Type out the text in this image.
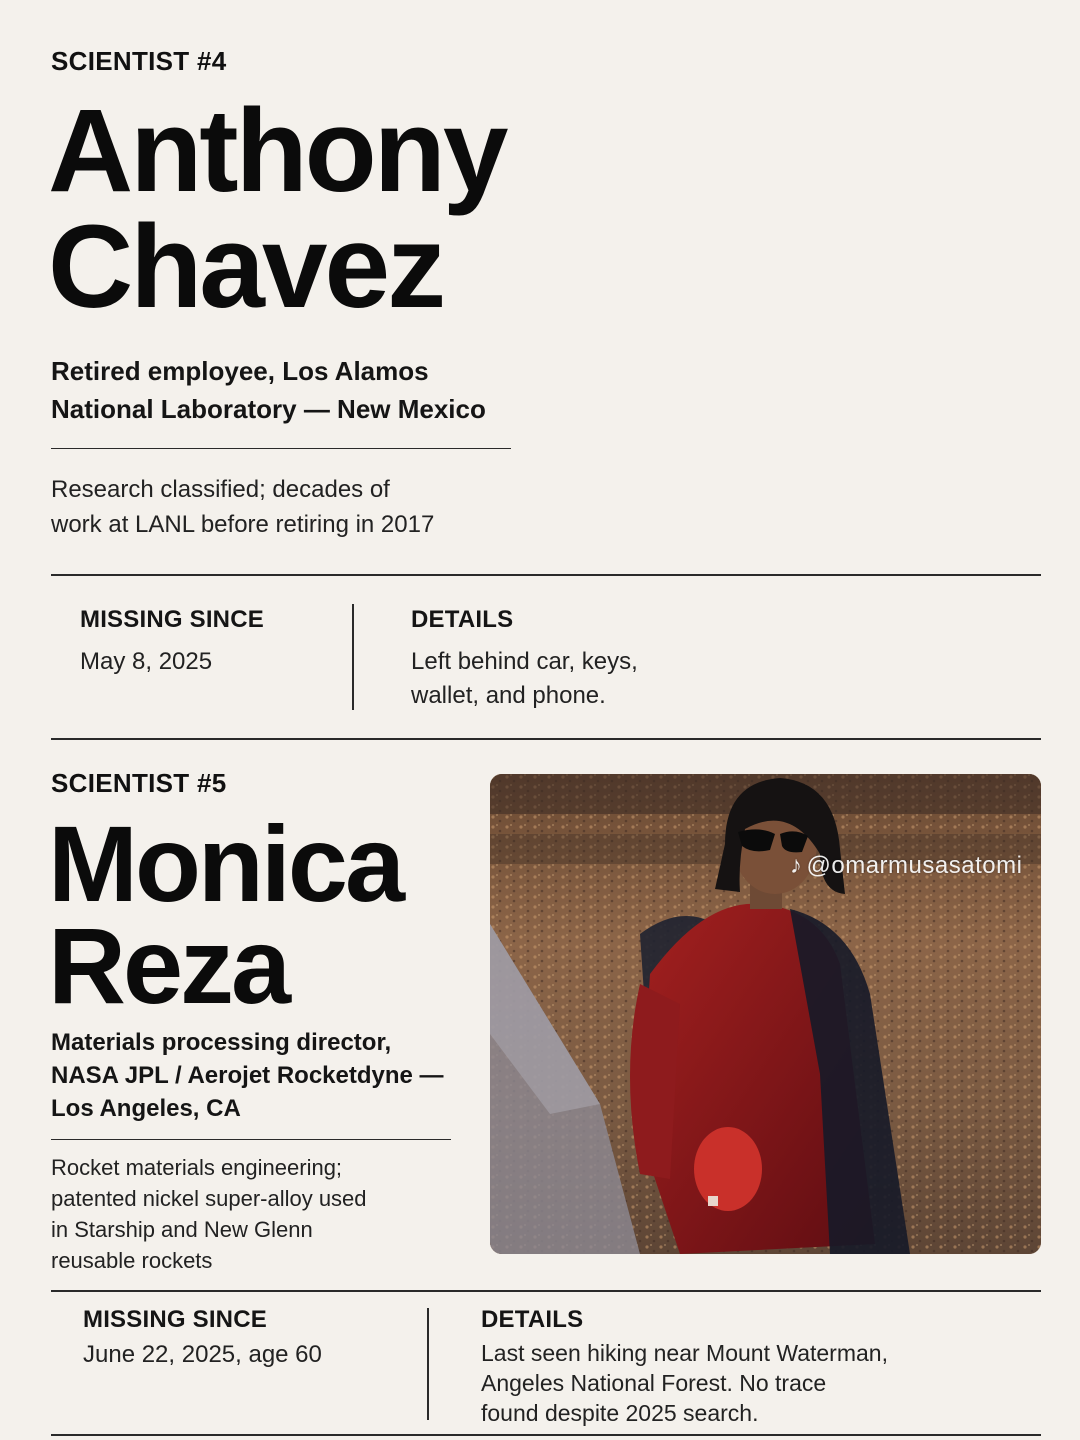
SCIENTIST #4
Anthony
Chavez
Retired employee, Los Alamos
National Laboratory — New Mexico
Research classified; decades of
work at LANL before retiring in 2017
MISSING SINCE
May 8, 2025
DETAILS
Left behind car, keys,
wallet, and phone.
SCIENTIST #5
Monica
Reza
Materials processing director,
NASA JPL / Aerojet Rocketdyne —
Los Angeles, CA
Rocket materials engineering;
patented nickel super-alloy used
in Starship and New Glenn
reusable rockets
♪ @omarmusasatomi
MISSING SINCE
June 22, 2025, age 60
DETAILS
Last seen hiking near Mount Waterman,
Angeles National Forest. No trace
found despite 2025 search.
